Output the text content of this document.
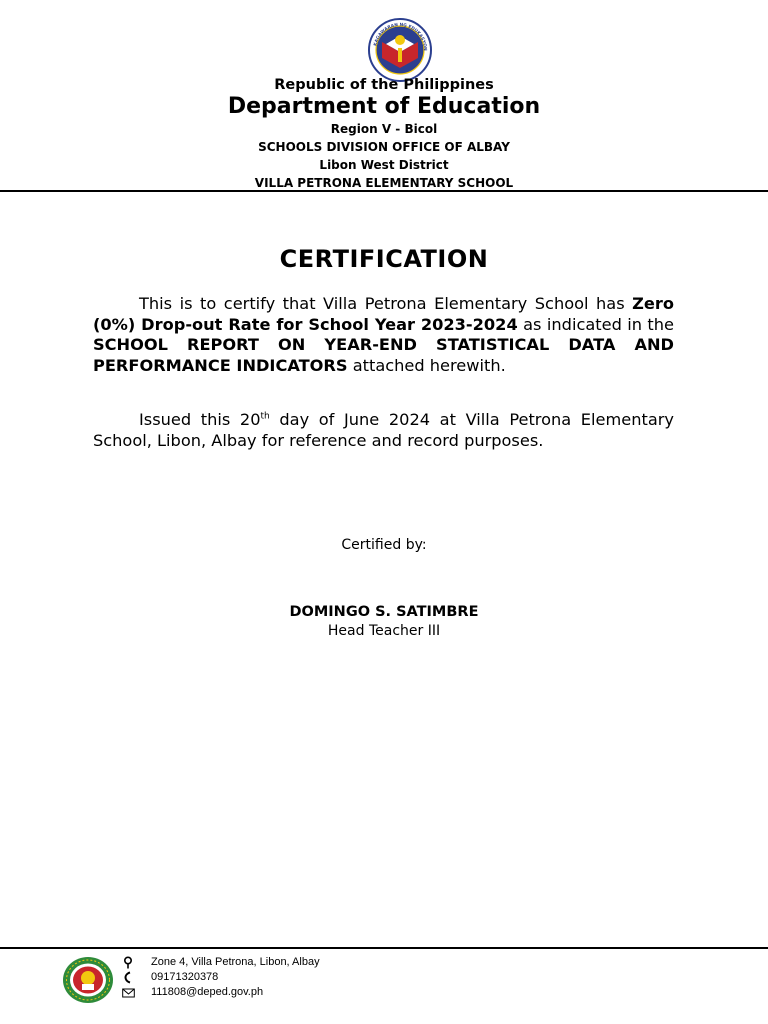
KAGAWARAN NG EDUKASYON
Republic of the Philippines
Department of Education
Region V - Bicol
SCHOOLS DIVISION OFFICE OF ALBAY
Libon West District
VILLA PETRONA ELEMENTARY SCHOOL
CERTIFICATION
This is to certify that Villa Petrona Elementary School has Zero (0%) Drop-out Rate for School Year 2023-2024 as indicated in the SCHOOL REPORT ON YEAR-END STATISTICAL DATA AND PERFORMANCE INDICATORS attached herewith.
Issued this 20th day of June 2024 at Villa Petrona Elementary School, Libon, Albay for reference and record purposes.
Certified by:
DOMINGO S. SATIMBRE
Head Teacher III
Zone 4, Villa Petrona, Libon, Albay
09171320378
111808@deped.gov.ph
